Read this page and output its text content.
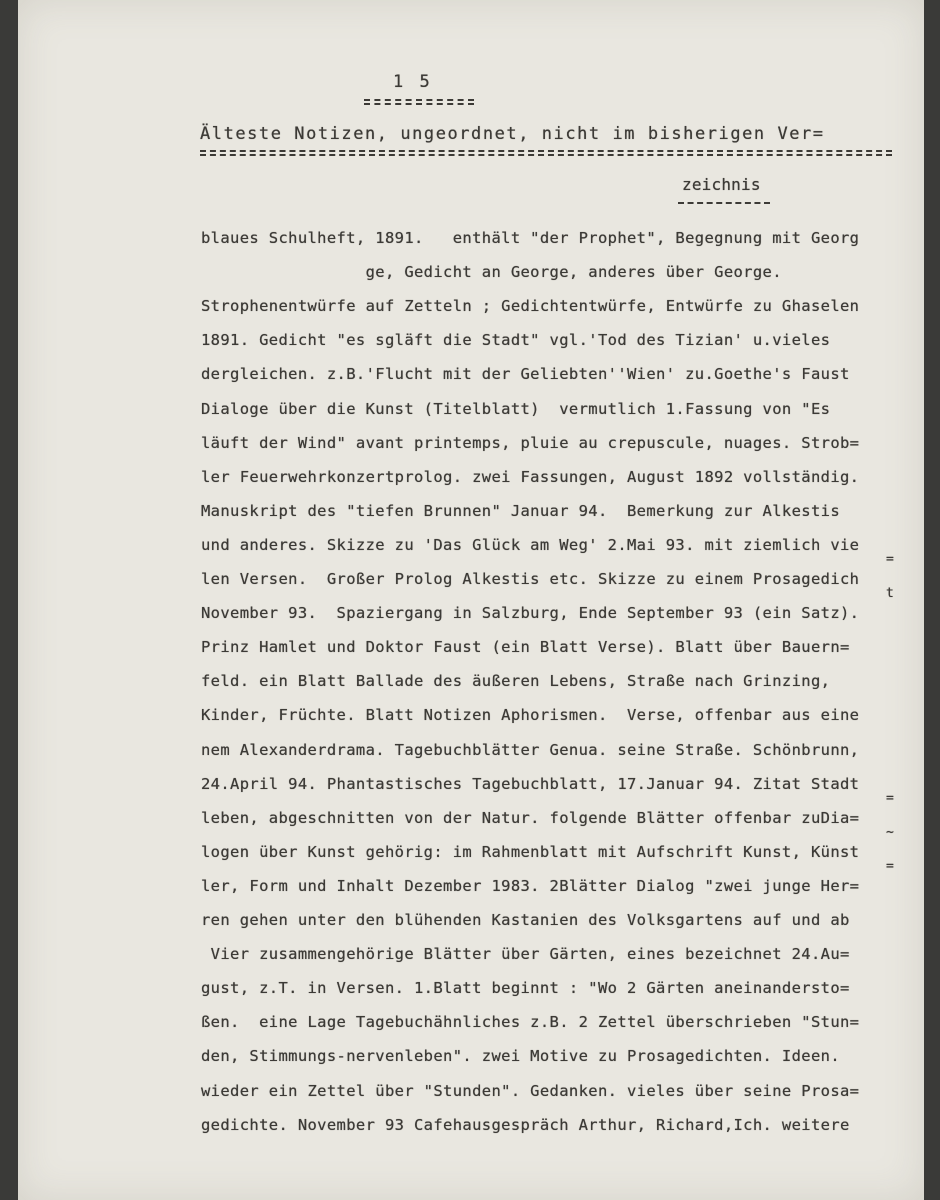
1 5
Älteste Notizen, ungeordnet, nicht im bisherigen Ver=
zeichnis
blaues Schulheft, 1891.   enthält "der Prophet", Begegnung mit Georg
ge, Gedicht an George, anderes über George.
Strophenentwürfe auf Zetteln ; Gedichtentwürfe, Entwürfe zu Ghaselen
1891. Gedicht "es sgläft die Stadt" vgl.'Tod des Tizian' u.vieles
dergleichen. z.B.'Flucht mit der Geliebten''Wien' zu.Goethe's Faust
Dialoge über die Kunst (Titelblatt)  vermutlich 1.Fassung von "Es
läuft der Wind" avant printemps, pluie au crepuscule, nuages. Strob=
ler Feuerwehrkonzertprolog. zwei Fassungen, August 1892 vollständig.
Manuskript des "tiefen Brunnen" Januar 94.  Bemerkung zur Alkestis
und anderes. Skizze zu 'Das Glück am Weg' 2.Mai 93. mit ziemlich vie
len Versen.  Großer Prolog Alkestis etc. Skizze zu einem Prosagedich
November 93.  Spaziergang in Salzburg, Ende September 93 (ein Satz).
Prinz Hamlet und Doktor Faust (ein Blatt Verse). Blatt über Bauern=
feld. ein Blatt Ballade des äußeren Lebens, Straße nach Grinzing,
Kinder, Früchte. Blatt Notizen Aphorismen.  Verse, offenbar aus eine
nem Alexanderdrama. Tagebuchblätter Genua. seine Straße. Schönbrunn,
24.April 94. Phantastisches Tagebuchblatt, 17.Januar 94. Zitat Stadt
leben, abgeschnitten von der Natur. folgende Blätter offenbar zuDia=
logen über Kunst gehörig: im Rahmenblatt mit Aufschrift Kunst, Künst
ler, Form und Inhalt Dezember 1983. 2Blätter Dialog "zwei junge Her=
ren gehen unter den blühenden Kastanien des Volksgartens auf und ab
Vier zusammengehörige Blätter über Gärten, eines bezeichnet 24.Au=
gust, z.T. in Versen. 1.Blatt beginnt : "Wo 2 Gärten aneinandersto=
ßen.  eine Lage Tagebuchähnliches z.B. 2 Zettel überschrieben "Stun=
den, Stimmungs-nervenleben". zwei Motive zu Prosagedichten. Ideen.
wieder ein Zettel über "Stunden". Gedanken. vieles über seine Prosa=
gedichte. November 93 Cafehausgespräch Arthur, Richard,Ich. weitere
=
t
=
~
=
